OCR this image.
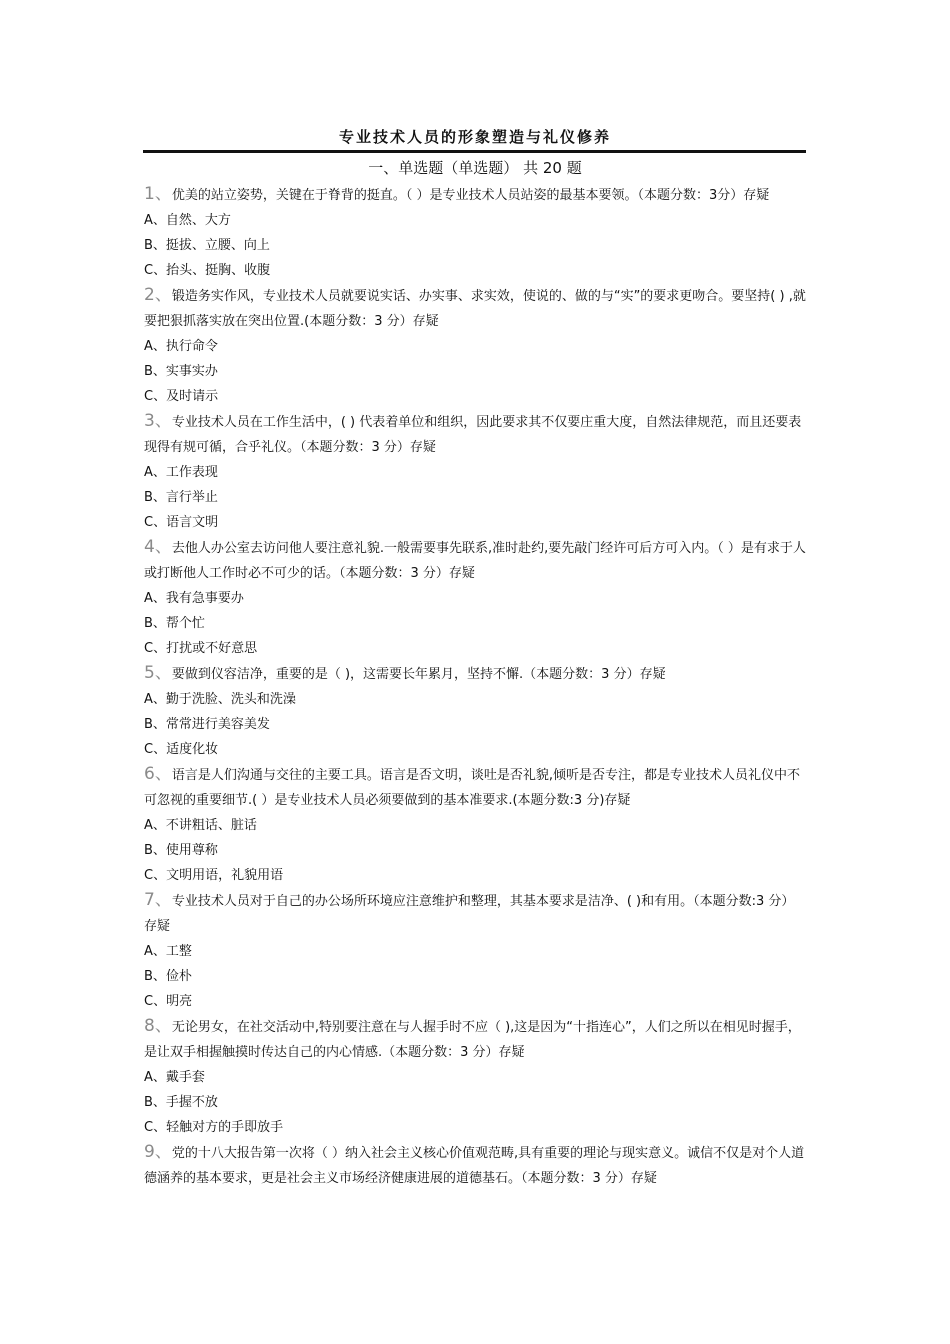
专业技术人员的形象塑造与礼仪修养
一、单选题（单选题） 共 20 题

1、优美的站立姿势，关键在于脊背的挺直。（ ）是专业技术人员站姿的最基本要领。（本题分数：3分）存疑

A、自然、大方

B、挺拔、立腰、向上

C、抬头、挺胸、收腹

2、锻造务实作风，专业技术人员就要说实话、办实事、求实效，使说的、做的与“实”的要求更吻合。要坚持( ) ,就要把狠抓落实放在突出位置.(本题分数：3 分）存疑

A、执行命令

B、实事实办

C、及时请示

3、专业技术人员在工作生活中，( ) 代表着单位和组织，因此要求其不仅要庄重大度，自然法律规范，而且还要表现得有规可循，合乎礼仪。（本题分数：3 分）存疑

A、工作表现

B、言行举止

C、语言文明

4、去他人办公室去访问他人要注意礼貌.一般需要事先联系,准时赴约,要先敲门经许可后方可入内。（ ）是有求于人或打断他人工作时必不可少的话。（本题分数：3 分）存疑

A、我有急事要办

B、帮个忙

C、打扰或不好意思

5、要做到仪容洁净，重要的是（ )，这需要长年累月，坚持不懈.（本题分数：3 分）存疑

A、勤于洗脸、洗头和洗澡

B、常常进行美容美发

C、适度化妆

6、语言是人们沟通与交往的主要工具。语言是否文明，谈吐是否礼貌,倾听是否专注，都是专业技术人员礼仪中不可忽视的重要细节.( ）是专业技术人员必须要做到的基本准要求.(本题分数:3 分)存疑

A、不讲粗话、脏话

B、使用尊称

C、文明用语，礼貌用语

7、专业技术人员对于自己的办公场所环境应注意维护和整理，其基本要求是洁净、( )和有用。（本题分数:3 分）存疑

A、工整

B、俭朴

C、明亮

8、无论男女，在社交活动中,特别要注意在与人握手时不应（ ),这是因为“十指连心”，人们之所以在相见时握手，是让双手相握触摸时传达自己的内心情感.（本题分数：3 分）存疑

A、戴手套

B、手握不放

C、轻触对方的手即放手

9、党的十八大报告第一次将（ ）纳入社会主义核心价值观范畴,具有重要的理论与现实意义。诚信不仅是对个人道德涵养的基本要求，更是社会主义市场经济健康进展的道德基石。（本题分数：3 分）存疑
